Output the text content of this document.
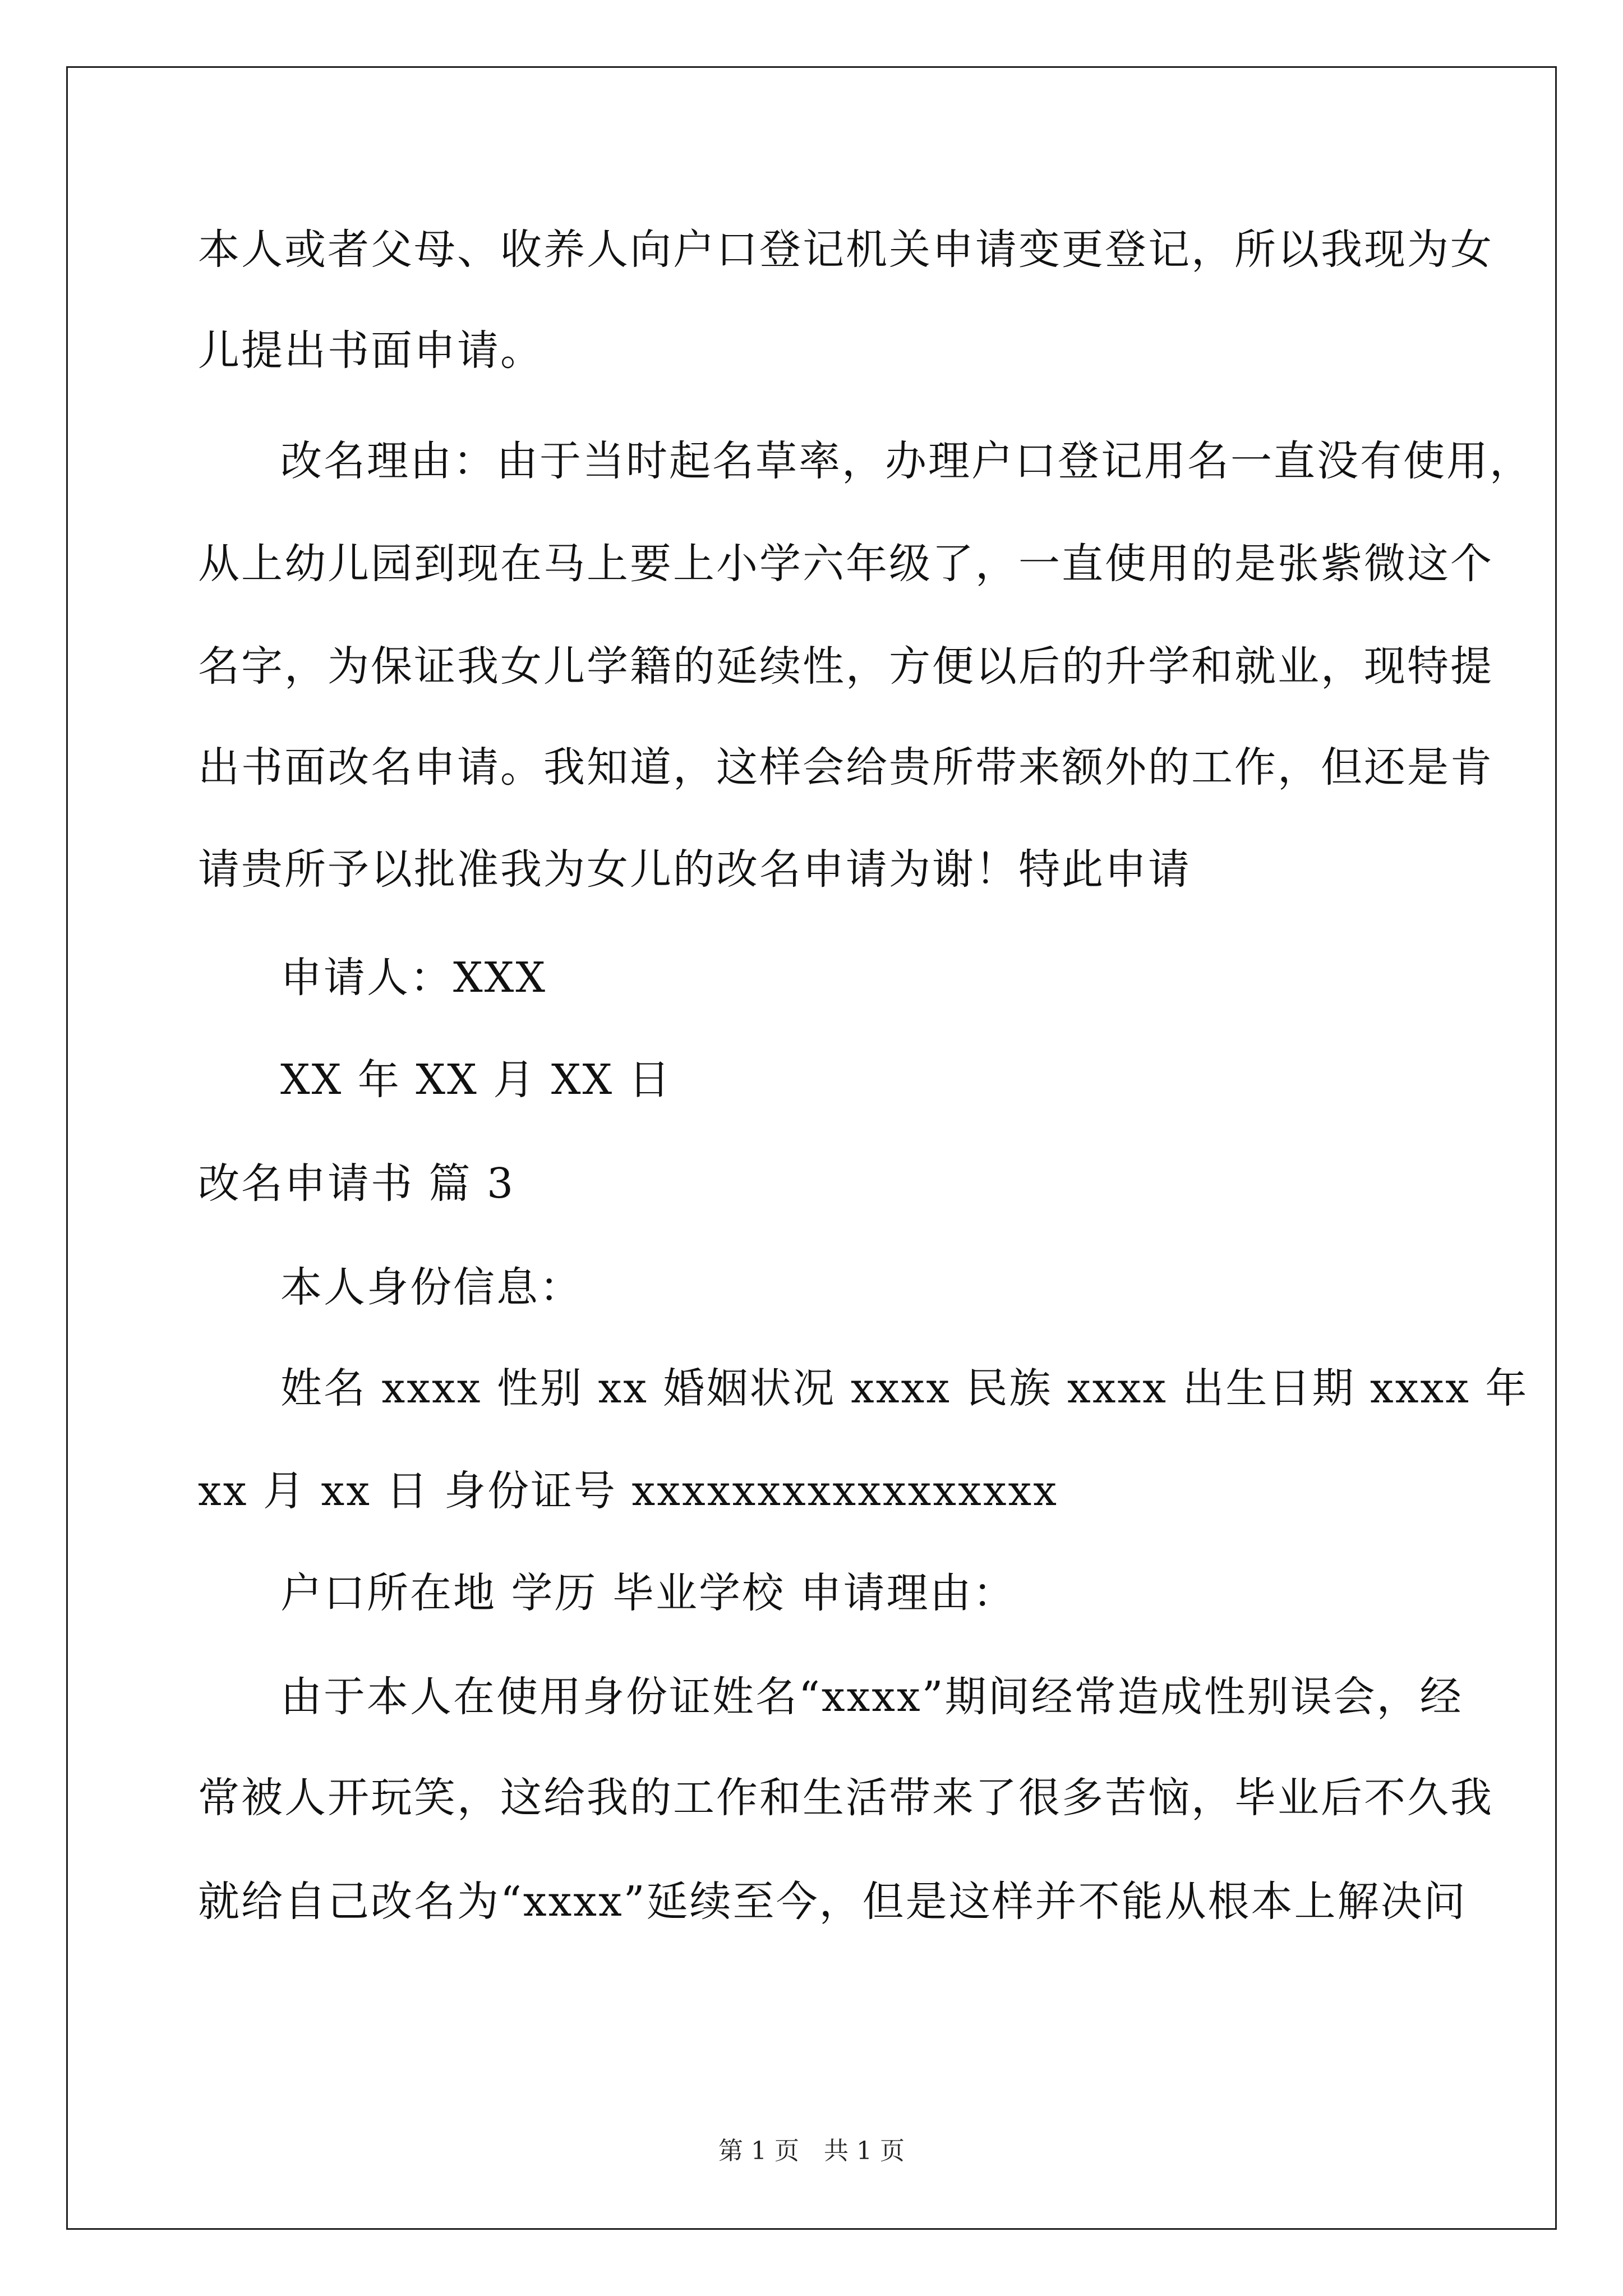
本人或者父母、收养人向户口登记机关申请变更登记，所以我现为女
儿提出书面申请。
改名理由：由于当时起名草率，办理户口登记用名一直没有使用，
从上幼儿园到现在马上要上小学六年级了，一直使用的是张紫微这个
名字，为保证我女儿学籍的延续性，方便以后的升学和就业，现特提
出书面改名申请。我知道，这样会给贵所带来额外的工作，但还是肯
请贵所予以批准我为女儿的改名申请为谢！特此申请
申请人：XXX
XX 年 XX 月 XX 日
改名申请书 篇 3
本人身份信息：
姓名 xxxx 性别 xx 婚姻状况 xxxx 民族 xxxx 出生日期 xxxx 年
xx 月 xx 日 身份证号 xxxxxxxxxxxxxxxxx
户口所在地 学历 毕业学校 申请理由：
由于本人在使用身份证姓名“xxxx”期间经常造成性别误会，经
常被人开玩笑，这给我的工作和生活带来了很多苦恼，毕业后不久我
就给自己改名为“xxxx”延续至今，但是这样并不能从根本上解决问
第 1 页　共 1 页
